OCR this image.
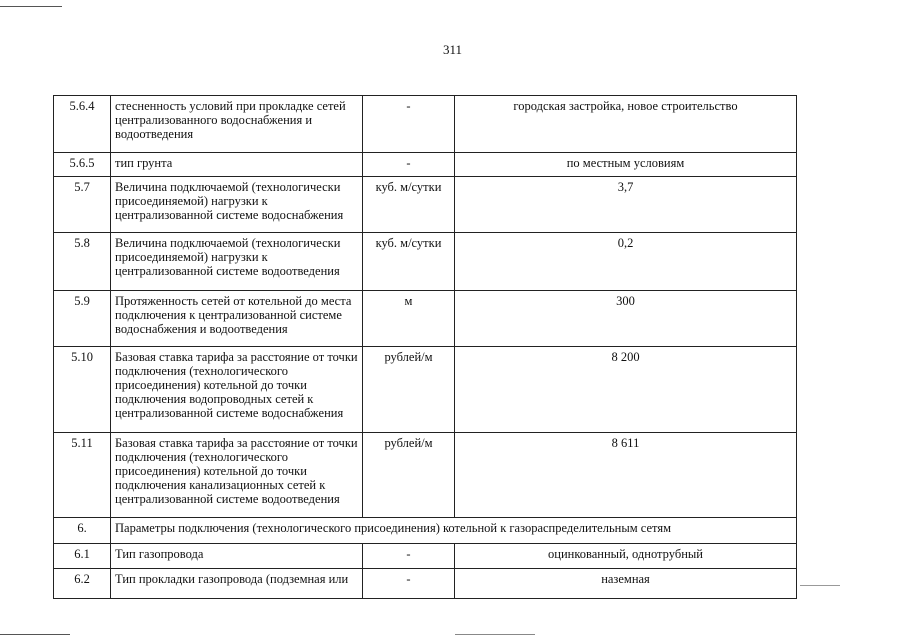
311
5.6.4	стесненность условий при прокладке сетей централизованного водоснабжения и водоотведения	-	городская застройка, новое строительство
5.6.5	тип грунта	-	по местным условиям
5.7	Величина подключаемой (технологически присоединяемой) нагрузки к централизованной системе водоснабжения	куб. м/сутки	3,7
5.8	Величина подключаемой (технологически присоединяемой) нагрузки к централизованной системе водоотведения	куб. м/сутки	0,2
5.9	Протяженность сетей от котельной до места подключения к централизованной системе водоснабжения и водоотведения	м	300
5.10	Базовая ставка тарифа за расстояние от точки подключения (технологического присоединения) котельной до точки подключения водопроводных сетей к централизованной системе водоснабжения	рублей/м	8 200
5.11	Базовая ставка тарифа за расстояние от точки подключения (технологического присоединения) котельной до точки подключения канализационных сетей к централизованной системе водоотведения	рублей/м	8 611
6.	Параметры подключения (технологического присоединения) котельной к газораспределительным сетям		
6.1	Тип газопровода	-	оцинкованный, однотрубный
6.2	Тип прокладки газопровода (подземная или	-	наземная
